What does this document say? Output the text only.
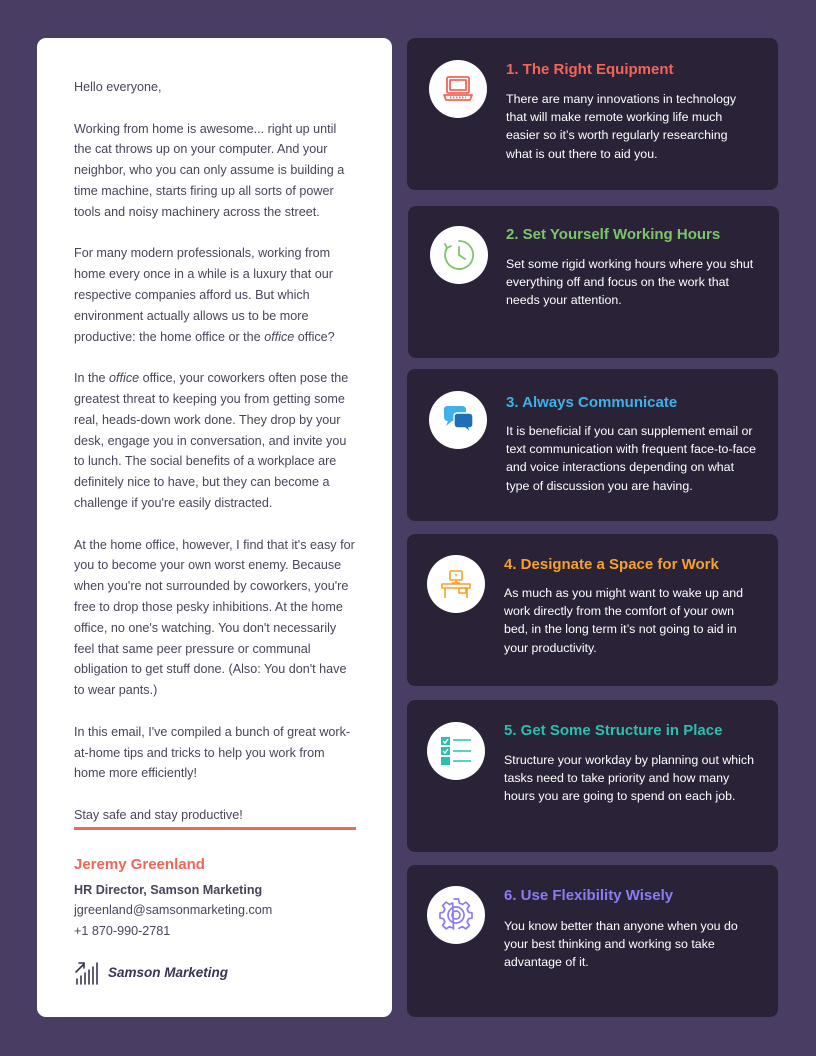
Hello everyone,

Working from home is awesome... right up until the cat throws up on your computer. And your neighbor, who you can only assume is building a time machine, starts firing up all sorts of power tools and noisy machinery across the street.

For many modern professionals, working from home every once in a while is a luxury that our respective companies afford us. But which environment actually allows us to be more productive: the home office or the office office?

In the office office, your coworkers often pose the greatest threat to keeping you from getting some real, heads-down work done. They drop by your desk, engage you in conversation, and invite you to lunch. The social benefits of a workplace are definitely nice to have, but they can become a challenge if you're easily distracted.

At the home office, however, I find that it's easy for you to become your own worst enemy. Because when you're not surrounded by coworkers, you're free to drop those pesky inhibitions. At the home office, no one's watching. You don't necessarily feel that same peer pressure or communal obligation to get stuff done. (Also: You don't have to wear pants.)

In this email, I've compiled a bunch of great work-at-home tips and tricks to help you work from home more efficiently!

Stay safe and stay productive!

Jeremy Greenland
HR Director, Samson Marketing
jgreenland@samsonmarketing.com
+1 870-990-2781
Samson Marketing
1. The Right Equipment
There are many innovations in technology that will make remote working life much easier so it’s worth regularly researching what is out there to aid you.
2. Set Yourself Working Hours
Set some rigid working hours where you shut everything off and focus on the work that needs your attention.
3. Always Communicate
It is beneficial if you can supplement email or text communication with frequent face-to-face and voice interactions depending on what type of discussion you are having.
4. Designate a Space for Work
As much as you might want to wake up and work directly from the comfort of your own bed, in the long term it’s not going to aid in your productivity.
5. Get Some Structure in Place
Structure your workday by planning out which tasks need to take priority and how many hours you are going to spend on each job.
6. Use Flexibility Wisely
You know better than anyone when you do your best thinking and working so take advantage of it.
